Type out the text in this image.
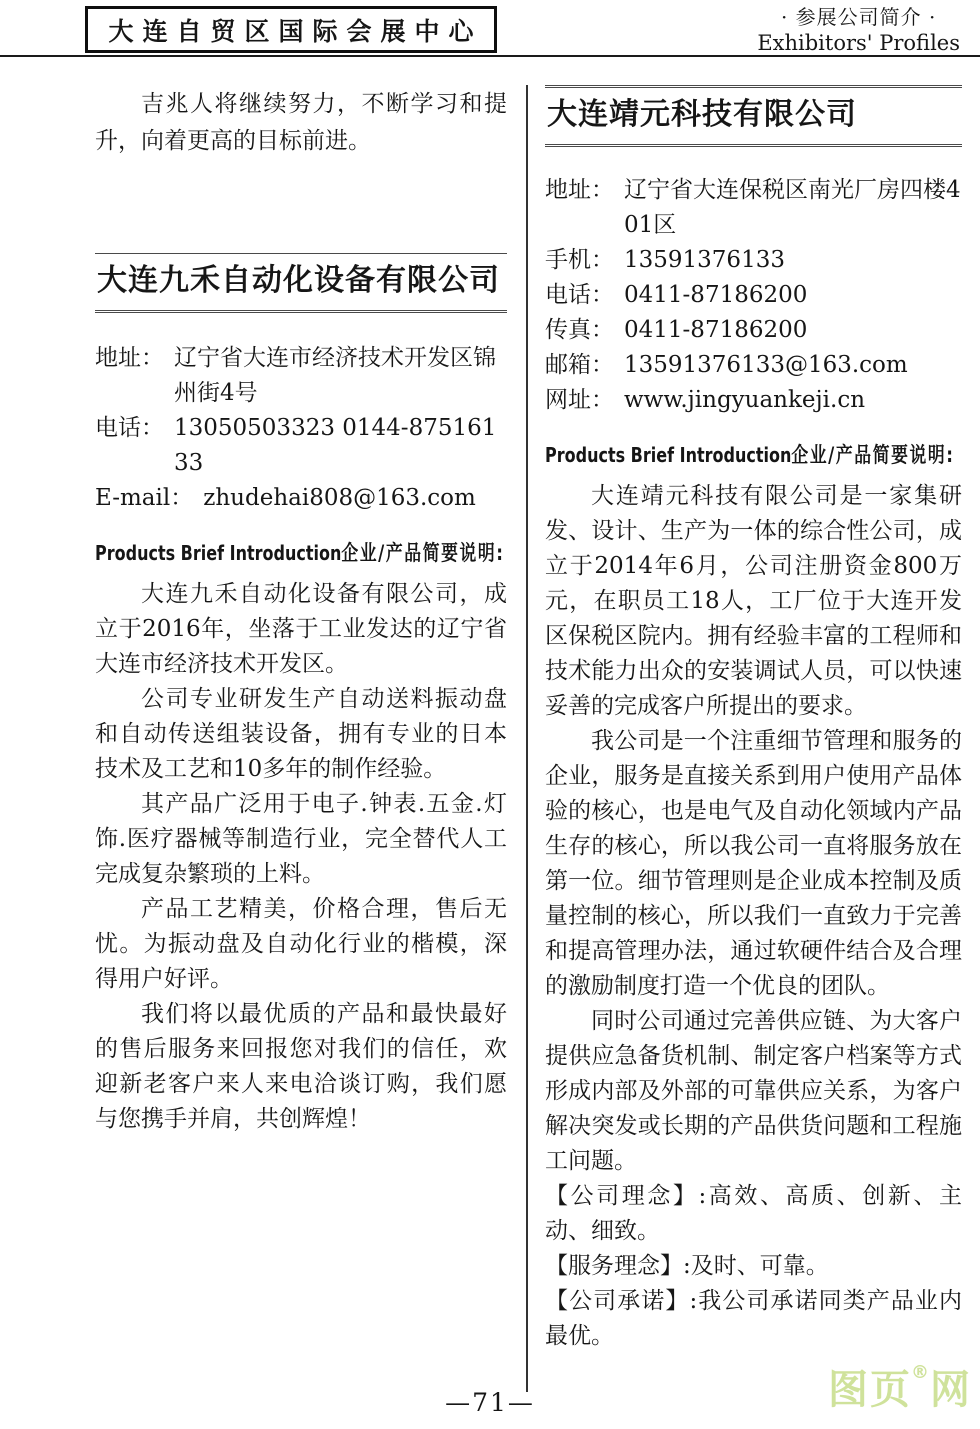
大连自贸区国际会展中心	· 参展公司简介 ·
Exhibitors' Profiles

吉兆人将继续努力，不断学习和提升，向着更高的目标前进。

大连九禾自动化设备有限公司
地址： 辽宁省大连市经济技术开发区锦州街4号
电话： 13050503323 0144-87516133
E-mail： zhudehai808@163.com
Products Brief Introduction企业/产品简要说明:

大连九禾自动化设备有限公司，成立于2016年，坐落于工业发达的辽宁省大连市经济技术开发区。

公司专业研发生产自动送料振动盘和自动传送组装设备，拥有专业的日本技术及工艺和10多年的制作经验。

其产品广泛用于电子.钟表.五金.灯饰.医疗器械等制造行业，完全替代人工完成复杂繁琐的上料。

产品工艺精美，价格合理，售后无忧。为振动盘及自动化行业的楷模，深得用户好评。

我们将以最优质的产品和最快最好的售后服务来回报您对我们的信任，欢迎新老客户来人来电洽谈订购，我们愿与您携手并肩，共创辉煌！

大连靖元科技有限公司
地址： 辽宁省大连保税区南光厂房四楼401区
手机： 13591376133
电话： 0411-87186200
传真： 0411-87186200
邮箱： 13591376133@163.com
网址： www.jingyuankeji.cn
Products Brief Introduction企业/产品简要说明:

大连靖元科技有限公司是一家集研发、设计、生产为一体的综合性公司，成立于2014年6月，公司注册资金800万元，在职员工18人，工厂位于大连开发区保税区院内。拥有经验丰富的工程师和技术能力出众的安装调试人员，可以快速妥善的完成客户所提出的要求。

我公司是一个注重细节管理和服务的企业，服务是直接关系到用户使用产品体验的核心，也是电气及自动化领域内产品生存的核心，所以我公司一直将服务放在第一位。细节管理则是企业成本控制及质量控制的核心，所以我们一直致力于完善和提高管理办法，通过软硬件结合及合理的激励制度打造一个优良的团队。

同时公司通过完善供应链、为大客户提供应急备货机制、制定客户档案等方式形成内部及外部的可靠供应关系，为客户解决突发或长期的产品供货问题和工程施工问题。

【公司理念】:高效、高质、创新、主动、细致。

【服务理念】:及时、可靠。

【公司承诺】:我公司承诺同类产品业内最优。

—71—	图页 ® 网
